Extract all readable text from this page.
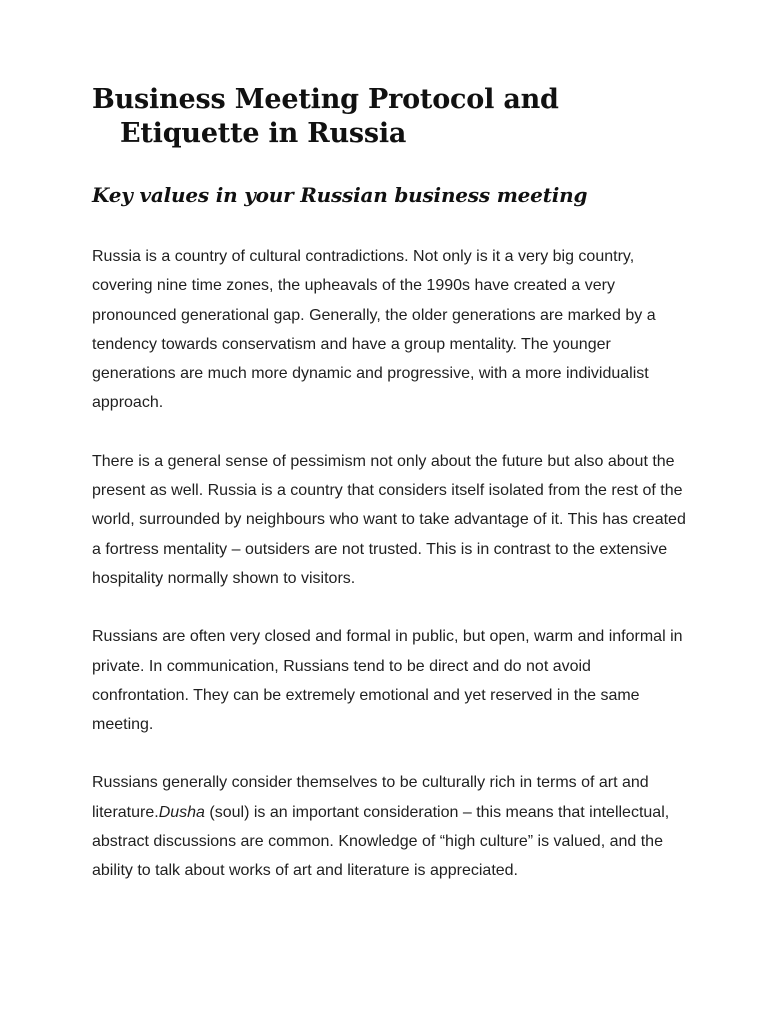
Business Meeting Protocol and Etiquette in Russia
Key values in your Russian business meeting

Russia is a country of cultural contradictions. Not only is it a very big country, covering nine time zones, the upheavals of the 1990s have created a very pronounced generational gap. Generally, the older generations are marked by a tendency towards conservatism and have a group mentality. The younger generations are much more dynamic and progressive, with a more individualist approach.

There is a general sense of pessimism not only about the future but also about the present as well. Russia is a country that considers itself isolated from the rest of the world, surrounded by neighbours who want to take advantage of it. This has created a fortress mentality – outsiders are not trusted. This is in contrast to the extensive hospitality normally shown to visitors.

Russians are often very closed and formal in public, but open, warm and informal in private. In communication, Russians tend to be direct and do not avoid confrontation. They can be extremely emotional and yet reserved in the same meeting.

Russians generally consider themselves to be culturally rich in terms of art and literature.Dusha (soul) is an important consideration – this means that intellectual, abstract discussions are common. Knowledge of “high culture” is valued, and the ability to talk about works of art and literature is appreciated.
